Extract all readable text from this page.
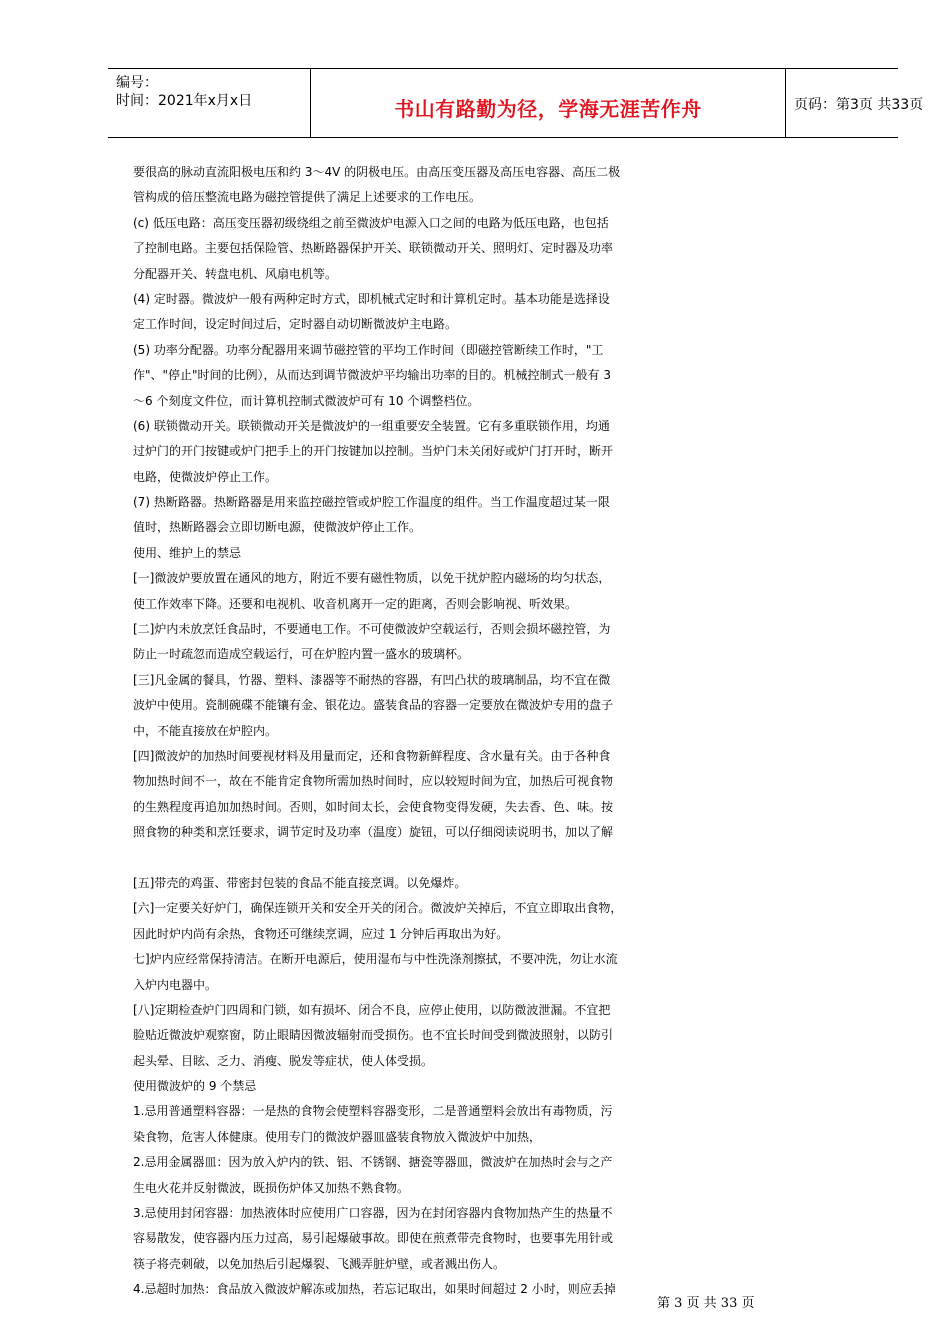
编号：
时间：2021年x月x日	书山有路勤为径，学海无涯苦作舟	页码：第3页 共33页
要很高的脉动直流阳极电压和约 3～4V 的阴极电压。由高压变压器及高压电容器、高压二极
管构成的倍压整流电路为磁控管提供了满足上述要求的工作电压。
(c) 低压电路：高压变压器初级绕组之前至微波炉电源入口之间的电路为低压电路，也包括
了控制电路。主要包括保险管、热断路器保护开关、联锁微动开关、照明灯、定时器及功率
分配器开关、转盘电机、风扇电机等。
(4) 定时器。微波炉一般有两种定时方式，即机械式定时和计算机定时。基本功能是选择设
定工作时间，设定时间过后，定时器自动切断微波炉主电路。
(5) 功率分配器。功率分配器用来调节磁控管的平均工作时间（即磁控管断续工作时，"工
作"、"停止"时间的比例），从而达到调节微波炉平均输出功率的目的。机械控制式一般有 3
～6 个刻度文件位，而计算机控制式微波炉可有 10 个调整档位。
(6) 联锁微动开关。联锁微动开关是微波炉的一组重要安全装置。它有多重联锁作用，均通
过炉门的开门按键或炉门把手上的开门按键加以控制。当炉门未关闭好或炉门打开时，断开
电路，使微波炉停止工作。
(7) 热断路器。热断路器是用来监控磁控管或炉腔工作温度的组件。当工作温度超过某一限
值时，热断路器会立即切断电源，使微波炉停止工作。
使用、维护上的禁忌
[一]微波炉要放置在通风的地方，附近不要有磁性物质，以免干扰炉腔内磁场的均匀状态，
使工作效率下降。还要和电视机、收音机离开一定的距离，否则会影响视、听效果。
[二]炉内未放烹饪食品时，不要通电工作。不可使微波炉空载运行，否则会损坏磁控管，为
防止一时疏忽而造成空载运行，可在炉腔内置一盛水的玻璃杯。
[三]凡金属的餐具，竹器、塑料、漆器等不耐热的容器，有凹凸状的玻璃制品，均不宜在微
波炉中使用。瓷制碗碟不能镶有金、银花边。盛装食品的容器一定要放在微波炉专用的盘子
中，不能直接放在炉腔内。
[四]微波炉的加热时间要视材料及用量而定，还和食物新鲜程度、含水量有关。由于各种食
物加热时间不一，故在不能肯定食物所需加热时间时，应以较短时间为宜，加热后可视食物
的生熟程度再追加加热时间。否则，如时间太长，会使食物变得发硬，失去香、色、味。按
照食物的种类和烹饪要求，调节定时及功率（温度）旋钮，可以仔细阅读说明书，加以了解
[五]带壳的鸡蛋、带密封包装的食品不能直接烹调。以免爆炸。
[六]一定要关好炉门，确保连锁开关和安全开关的闭合。微波炉关掉后，不宜立即取出食物，
因此时炉内尚有余热，食物还可继续烹调，应过 1 分钟后再取出为好。
七]炉内应经常保持清洁。在断开电源后，使用湿布与中性洗涤剂擦拭，不要冲洗，勿让水流
入炉内电器中。
[八]定期检查炉门四周和门锁，如有损坏、闭合不良，应停止使用，以防微波泄漏。不宜把
脸贴近微波炉观察窗，防止眼睛因微波辐射而受损伤。也不宜长时间受到微波照射，以防引
起头晕、目眩、乏力、消瘦、脱发等症状，使人体受损。
使用微波炉的 9 个禁忌
1.忌用普通塑料容器：一是热的食物会使塑料容器变形，二是普通塑料会放出有毒物质，污
染食物，危害人体健康。使用专门的微波炉器皿盛装食物放入微波炉中加热，
2.忌用金属器皿：因为放入炉内的铁、铝、不锈钢、搪瓷等器皿，微波炉在加热时会与之产
生电火花并反射微波，既损伤炉体又加热不熟食物。
3.忌使用封闭容器：加热液体时应使用广口容器，因为在封闭容器内食物加热产生的热量不
容易散发，使容器内压力过高，易引起爆破事故。即使在煎煮带壳食物时，也要事先用针或
筷子将壳刺破，以免加热后引起爆裂、飞溅弄脏炉壁，或者溅出伤人。
4.忌超时加热：食品放入微波炉解冻或加热，若忘记取出，如果时间超过 2 小时，则应丢掉
第 3 页 共 33 页
